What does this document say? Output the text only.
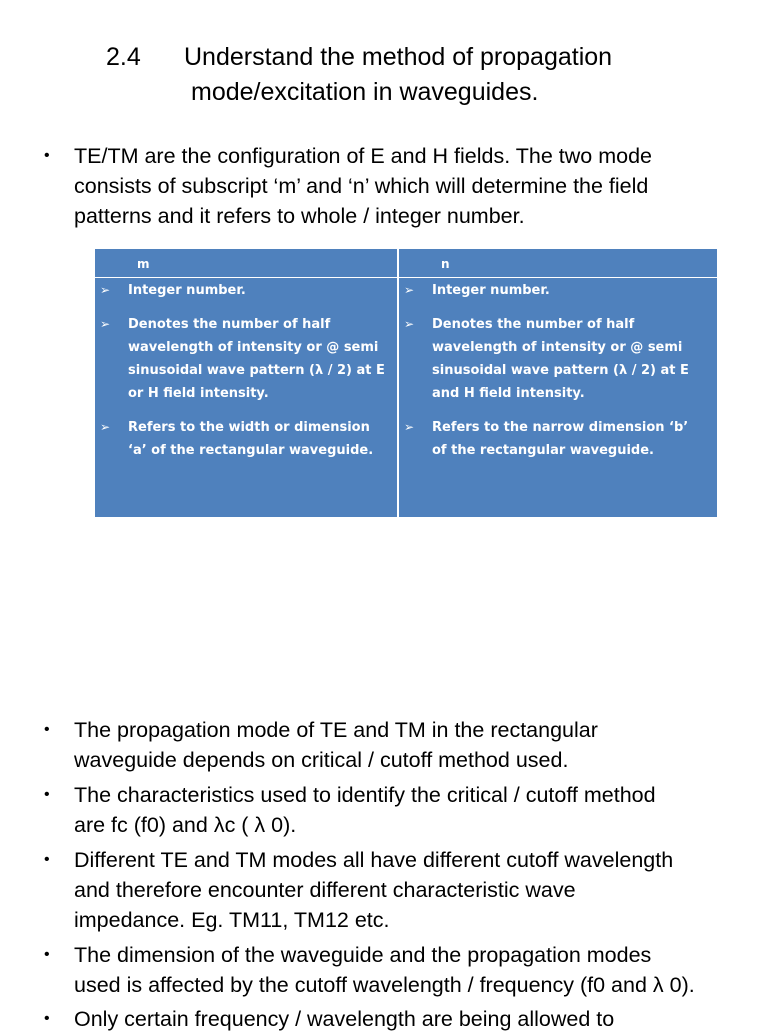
2.4 Understand the method of propagation
mode/excitation in waveguides.
• TE/TM are the configuration of E and H fields. The two mode
consists of subscript ‘m’ and ‘n’ which will determine the field
patterns and it refers to whole / integer number.
m	n
➢ Integer number.
➢ Denotes the number of half wavelength of intensity or @ semi sinusoidal wave pattern (λ / 2) at E or H field intensity.
➢ Refers to the width or dimension ‘a’ of the rectangular waveguide.
➢ Integer number.
➢ Denotes the number of half wavelength of intensity or @ semi sinusoidal wave pattern (λ / 2) at E and H field intensity.
➢ Refers to the narrow dimension ‘b’ of the rectangular waveguide.
• The propagation mode of TE and TM in the rectangular
waveguide depends on critical / cutoff method used.
• The characteristics used to identify the critical / cutoff method
are fc (f0) and λc ( λ 0).
• Different TE and TM modes all have different cutoff wavelength
and therefore encounter different characteristic wave
impedance. Eg. TM11, TM12 etc.
• The dimension of the waveguide and the propagation modes
used is affected by the cutoff wavelength / frequency (f0 and λ 0).
• Only certain frequency / wavelength are being allowed to
